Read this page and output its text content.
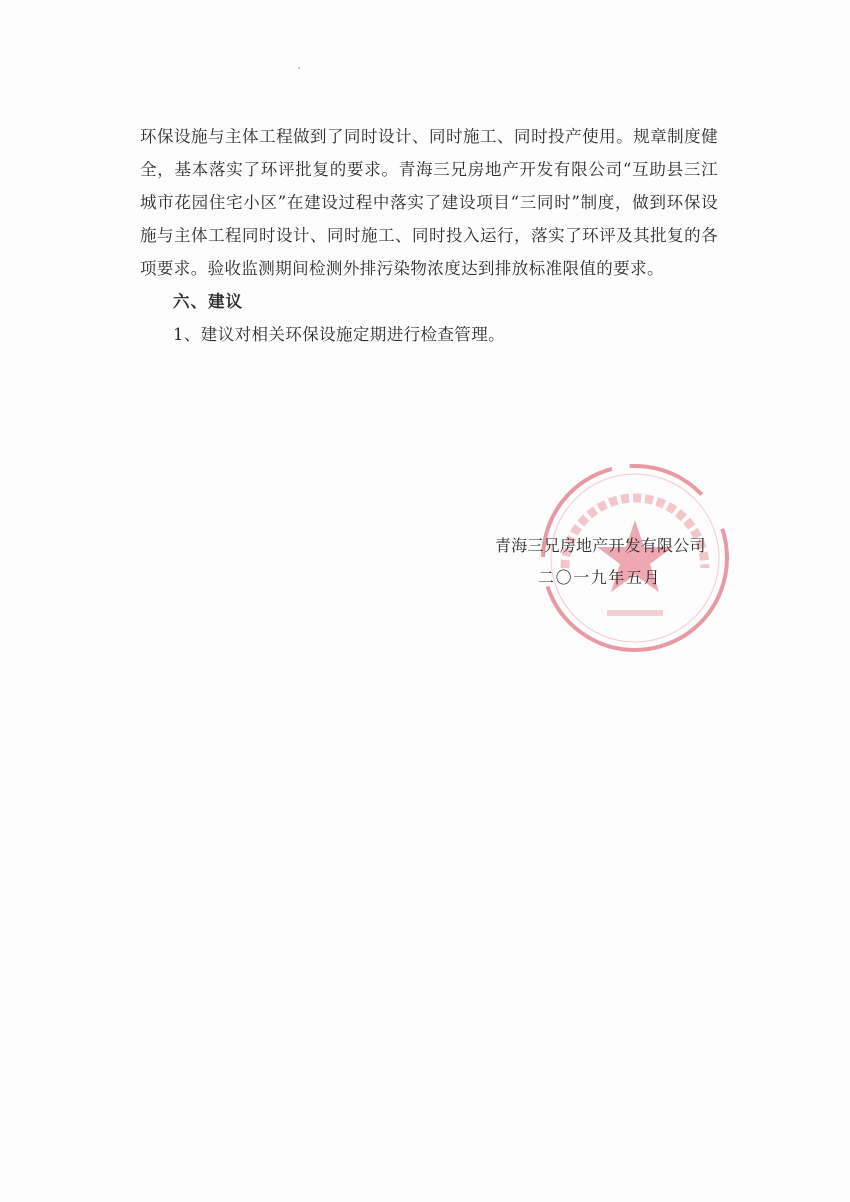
环保设施与主体工程做到了同时设计、同时施工、同时投产使用。规章制度健全，基本落实了环评批复的要求。青海三兄房地产开发有限公司“互助县三江城市花园住宅小区”在建设过程中落实了建设项目“三同时”制度，做到环保设施与主体工程同时设计、同时施工、同时投入运行，落实了环评及其批复的各项要求。验收监测期间检测外排污染物浓度达到排放标准限值的要求。

六、建议

1、建议对相关环保设施定期进行检查管理。

青海三兄房地产开发有限公司
二〇一九年五月
